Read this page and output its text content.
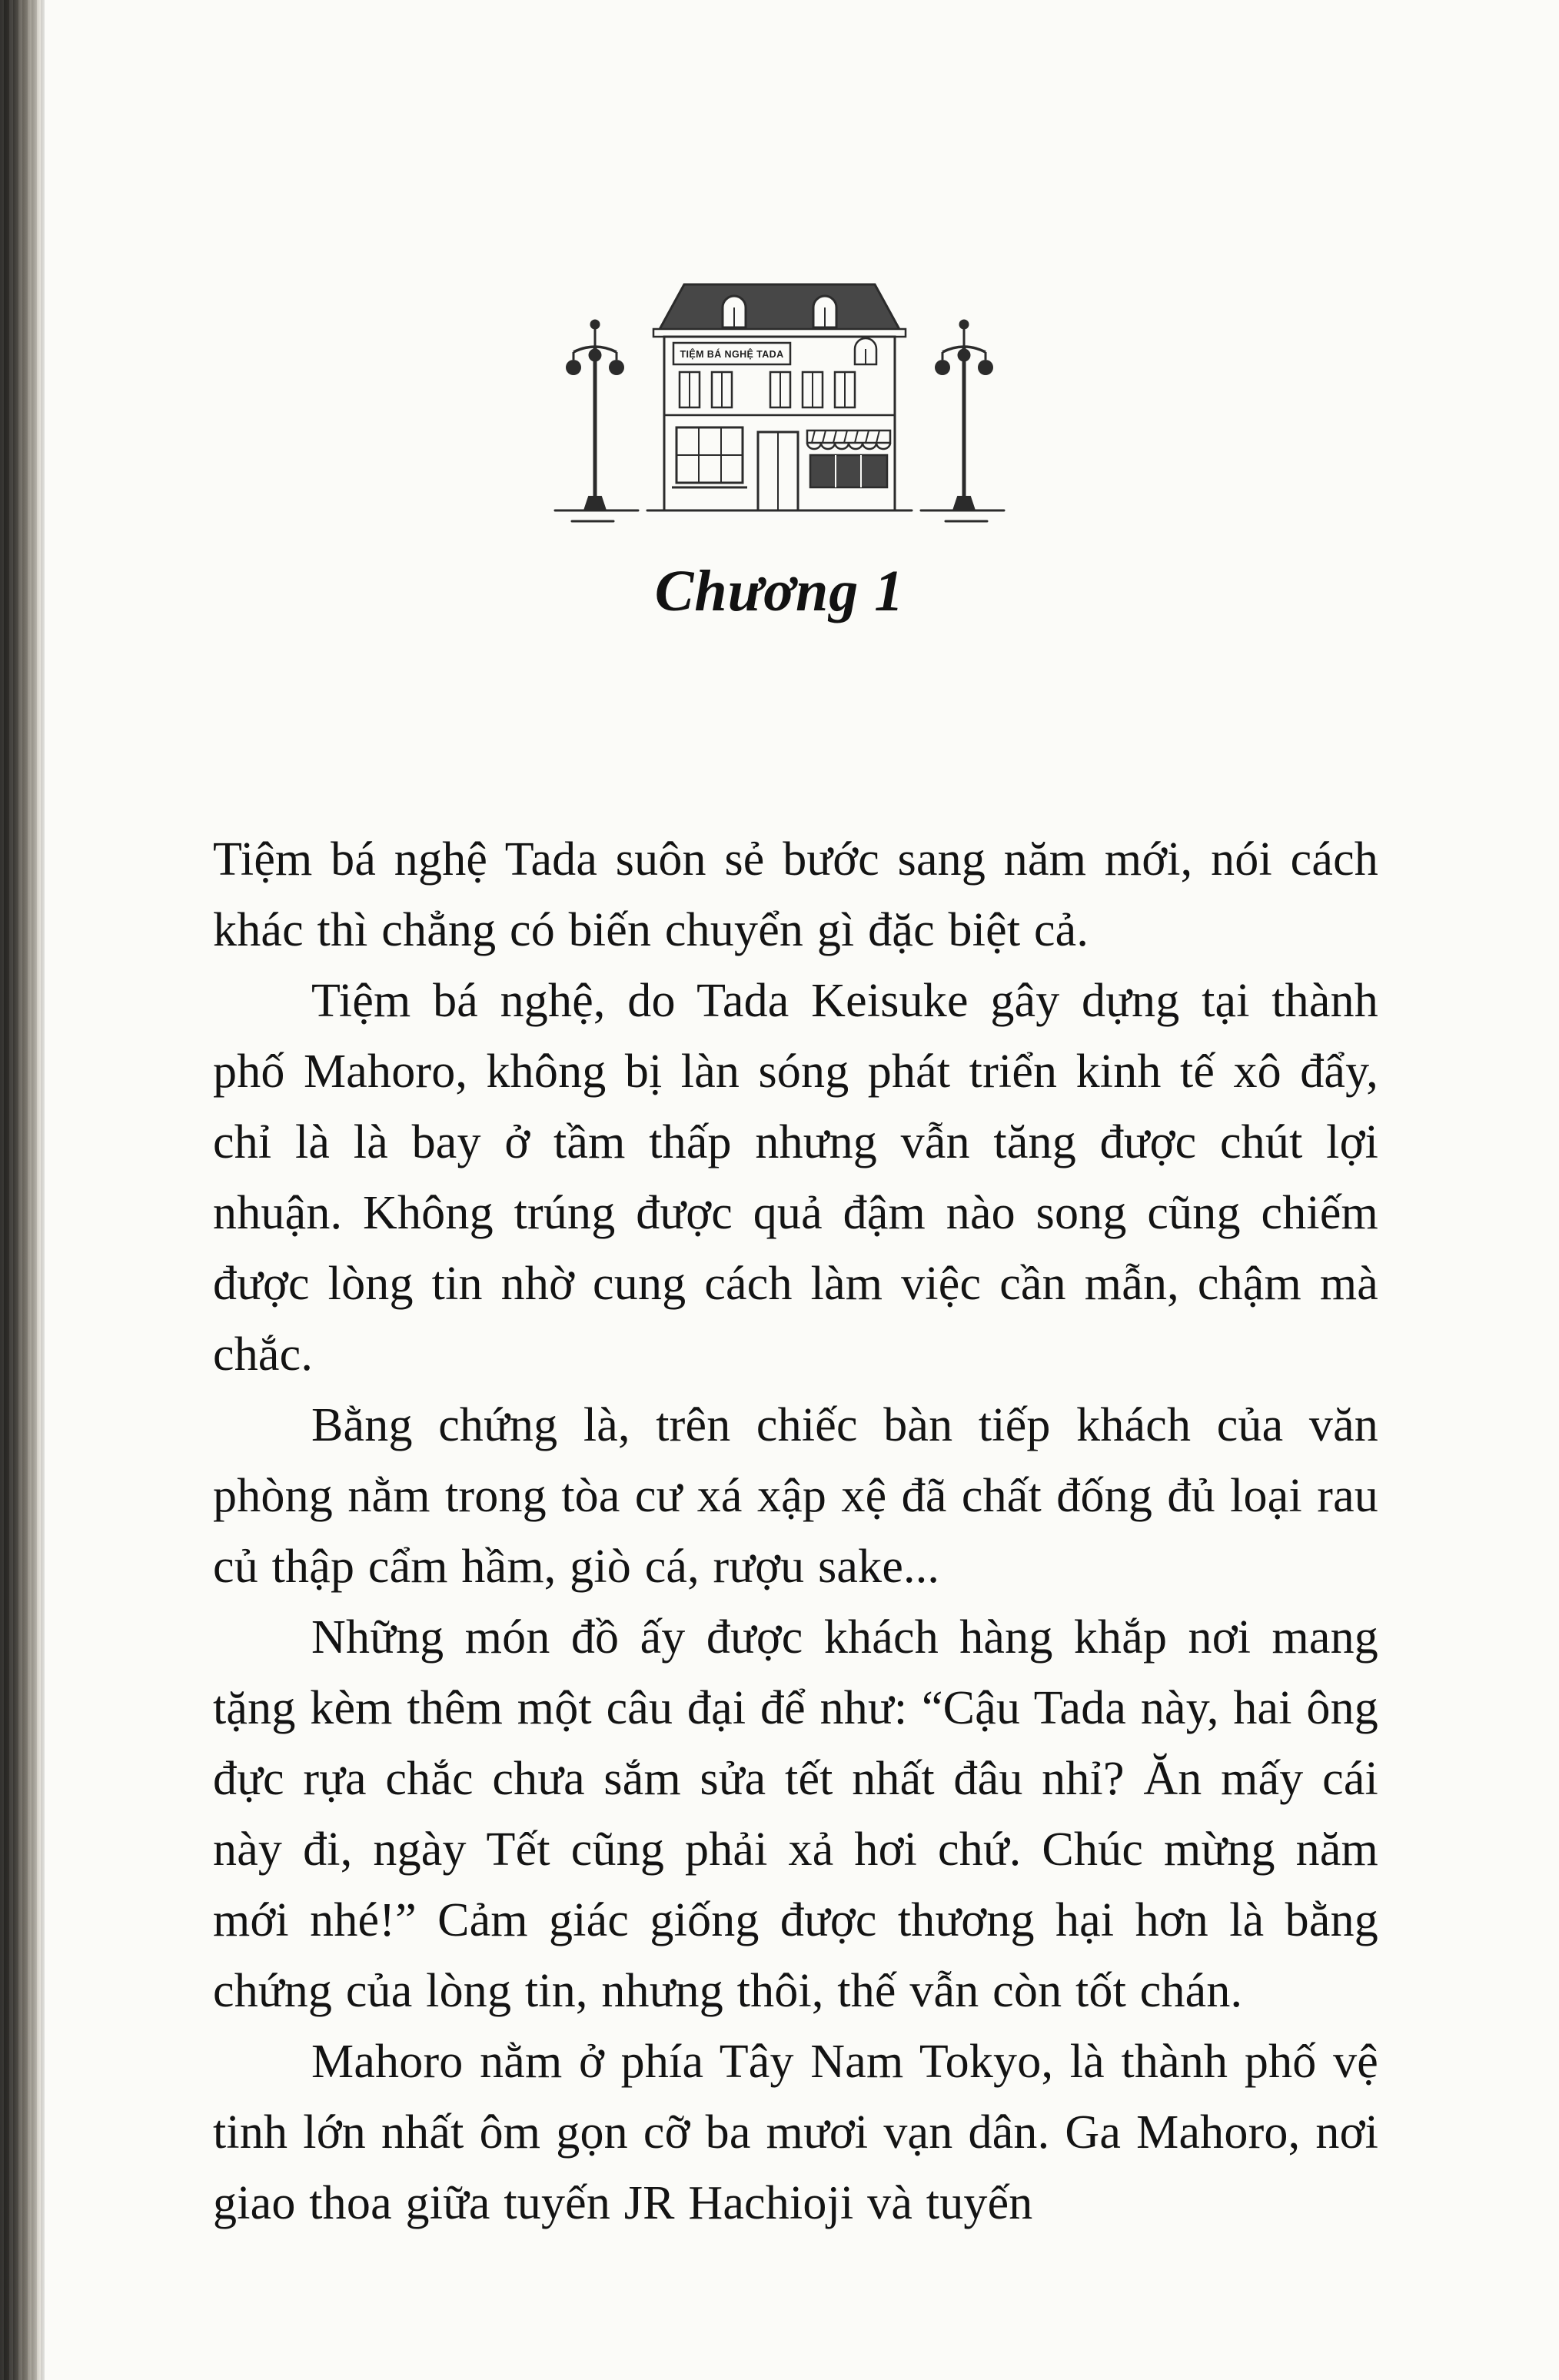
TIỆM BÁ NGHỆ TADA
Chương 1

Tiệm bá nghệ Tada suôn sẻ bước sang năm mới, nói cách khác thì chẳng có biến chuyển gì đặc biệt cả.

Tiệm bá nghệ, do Tada Keisuke gây dựng tại thành phố Mahoro, không bị làn sóng phát triển kinh tế xô đẩy, chỉ là là bay ở tầm thấp nhưng vẫn tăng được chút lợi nhuận. Không trúng được quả đậm nào song cũng chiếm được lòng tin nhờ cung cách làm việc cần mẫn, chậm mà chắc.

Bằng chứng là, trên chiếc bàn tiếp khách của văn phòng nằm trong tòa cư xá xập xệ đã chất đống đủ loại rau củ thập cẩm hầm, giò cá, rượu sake...

Những món đồ ấy được khách hàng khắp nơi mang tặng kèm thêm một câu đại để như: “Cậu Tada này, hai ông đực rựa chắc chưa sắm sửa tết nhất đâu nhỉ? Ăn mấy cái này đi, ngày Tết cũng phải xả hơi chứ. Chúc mừng năm mới nhé!” Cảm giác giống được thương hại hơn là bằng chứng của lòng tin, nhưng thôi, thế vẫn còn tốt chán.

Mahoro nằm ở phía Tây Nam Tokyo, là thành phố vệ tinh lớn nhất ôm gọn cỡ ba mươi vạn dân. Ga Mahoro, nơi giao thoa giữa tuyến JR Hachioji và tuyến
